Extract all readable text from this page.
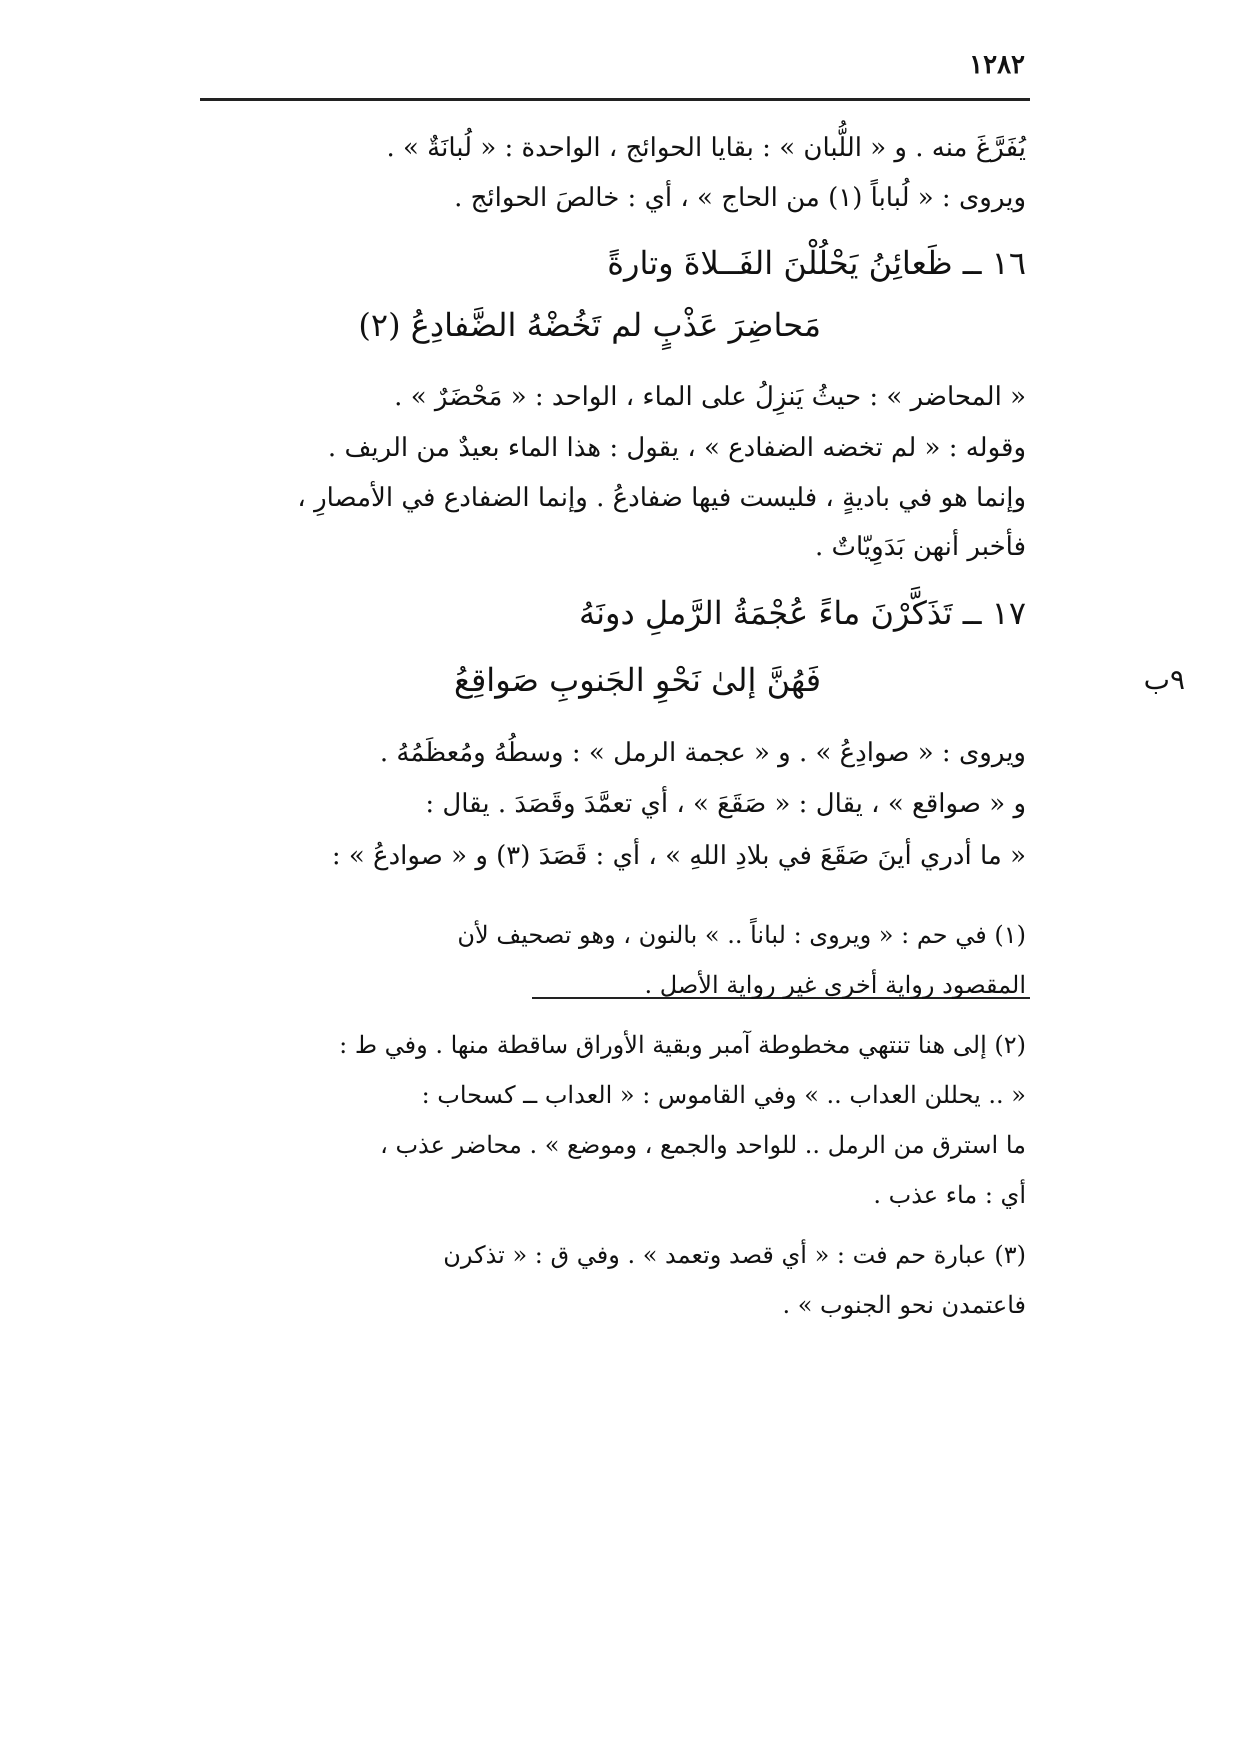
١٢٨٢
يُفَرَّغَ منه . و « اللُّبان » : بقايا الحوائج ، الواحدة : « لُبانَةٌ » .
ويروى : « لُباباً (١) من الحاج » ، أي : خالصَ الحوائج .
١٦ ــ ظَعائِنُ يَحْلُلْنَ الفَــلاةَ وتارةً
مَحاضِرَ عَذْبٍ لم تَخُضْهُ الضَّفادِعُ (٢)
« المحاضر » : حيثُ يَنزِلُ على الماء ، الواحد : « مَحْضَرٌ » .
وقوله : « لم تخضه الضفادع » ، يقول : هذا الماء بعيدٌ من الريف .
وإنما هو في باديةٍ ، فليست فيها ضفادعُ . وإنما الضفادع في الأمصارِ ،
فأخبر أنهن بَدَوِيّاتٌ .
٩ب
١٧ ــ تَذَكَّرْنَ ماءً عُجْمَةُ الرَّملِ دونَهُ
فَهُنَّ إلىٰ نَحْوِ الجَنوبِ صَواقِعُ
ويروى : « صوادِعُ » . و « عجمة الرمل » : وسطُهُ ومُعظَمُهُ .
و « صواقع » ، يقال : « صَقَعَ » ، أي تعمَّدَ وقَصَدَ . يقال :
« ما أدري أينَ صَقَعَ في بلادِ اللهِ » ، أي : قَصَدَ (٣) و « صوادعُ » :
(١) في حم : « ويروى : لباناً .. » بالنون ، وهو تصحيف لأن
المقصود رواية أخرى غير رواية الأصل .
(٢) إلى هنا تنتهي مخطوطة آمبر وبقية الأوراق ساقطة منها . وفي ط :
« .. يحللن العداب .. » وفي القاموس : « العداب ــ كسحاب :
ما استرق من الرمل .. للواحد والجمع ، وموضع » . محاضر عذب ،
أي : ماء عذب .
(٣) عبارة حم فت : « أي قصد وتعمد » . وفي ق : « تذكرن
فاعتمدن نحو الجنوب » .
